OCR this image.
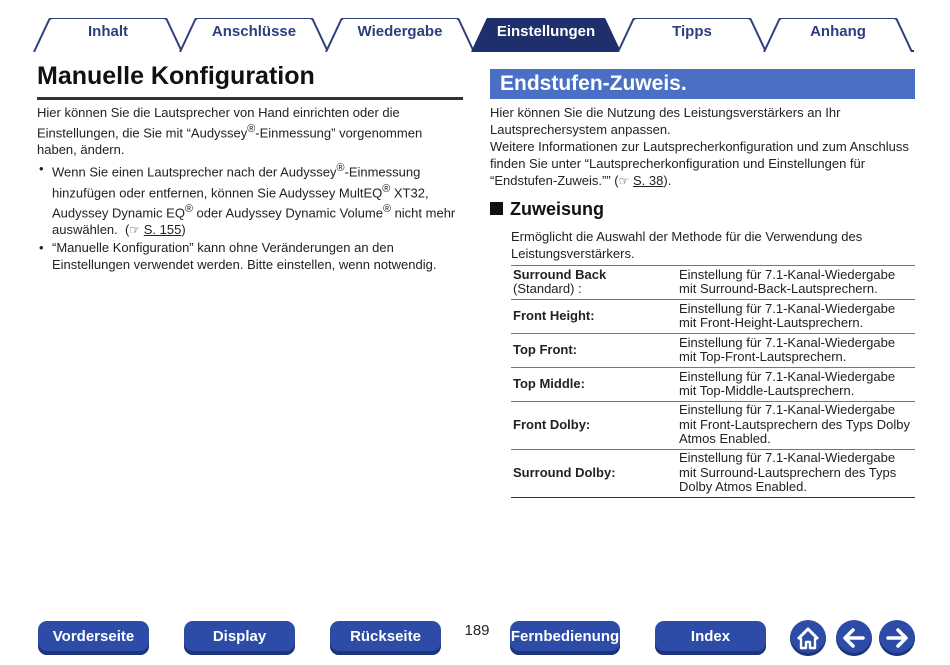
Inhalt	Anschlüsse	Wiedergabe	Einstellungen	Tipps	Anhang
Manuelle Konfiguration

Hier können Sie die Lautsprecher von Hand einrichten oder die Einstellungen, die Sie mit “Audyssey®-Einmessung” vorgenommen haben, ändern.

• Wenn Sie einen Lautsprecher nach der Audyssey®-Einmessung hinzufügen oder entfernen, können Sie Audyssey MultEQ® XT32, Audyssey Dynamic EQ® oder Audyssey Dynamic Volume® nicht mehr auswählen. (☞ S. 155)
• “Manuelle Konfiguration” kann ohne Veränderungen an den Einstellungen verwendet werden. Bitte einstellen, wenn notwendig.
Endstufen-Zuweis.

Hier können Sie die Nutzung des Leistungsverstärkers an Ihr Lautsprechersystem anpassen.

Weitere Informationen zur Lautsprecherkonfiguration und zum Anschluss finden Sie unter “Lautsprecherkonfiguration und Einstellungen für “Endstufen-Zuweis.”” (☞ S. 38).

Zuweisung
Ermöglicht die Auswahl der Methode für die Verwendung des Leistungsverstärkers.
Surround Back
(Standard) :	Einstellung für 7.1-Kanal-Wiedergabe mit Surround-Back-Lautsprechern.
Front Height:	Einstellung für 7.1-Kanal-Wiedergabe mit Front-Height-Lautsprechern.
Top Front:	Einstellung für 7.1-Kanal-Wiedergabe mit Top-Front-Lautsprechern.
Top Middle:	Einstellung für 7.1-Kanal-Wiedergabe mit Top-Middle-Lautsprechern.
Front Dolby:	Einstellung für 7.1-Kanal-Wiedergabe mit Front-Lautsprechern des Typs Dolby Atmos Enabled.
Surround Dolby:	Einstellung für 7.1-Kanal-Wiedergabe mit Surround-Lautsprechern des Typs Dolby Atmos Enabled.
Vorderseite	Display	Rückseite	189	Fernbedienung	Index
